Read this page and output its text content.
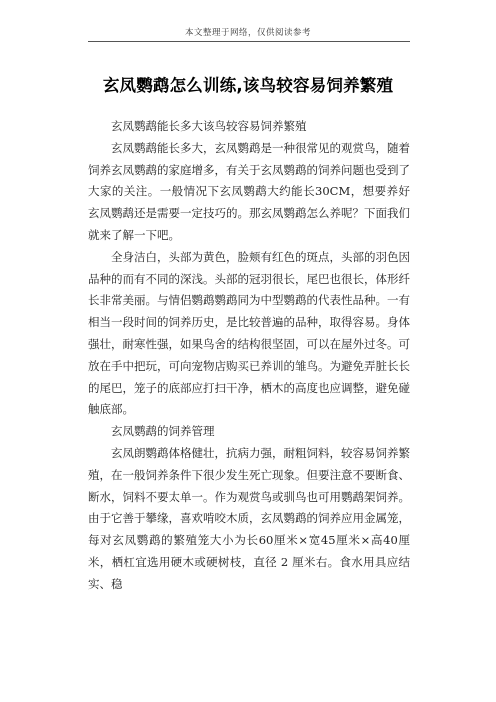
本文整理于网络，仅供阅读参考
玄凤鹦鹉怎么训练,该鸟较容易饲养繁殖

玄凤鹦鹉能长多大该鸟较容易饲养繁殖

玄凤鹦鹉能长多大，玄凤鹦鹉是一种很常见的观赏鸟，随着饲养玄凤鹦鹉的家庭增多，有关于玄凤鹦鹉的饲养问题也受到了大家的关注。一般情况下玄凤鹦鹉大约能长30CM，想要养好玄凤鹦鹉还是需要一定技巧的。那玄凤鹦鹉怎么养呢？下面我们就来了解一下吧。

全身洁白，头部为黄色，脸颊有红色的斑点，头部的羽色因品种的而有不同的深浅。头部的冠羽很长，尾巴也很长，体形纤长非常美丽。与情侣鹦鹉鹦鹉同为中型鹦鹉的代表性品种。一有相当一段时间的饲养历史，是比较普遍的品种，取得容易。身体强壮，耐寒性强，如果鸟舍的结构很坚固，可以在屋外过冬。可放在手中把玩，可向宠物店购买已养训的雏鸟。为避免弄脏长长的尾巴，笼子的底部应打扫干净，栖木的高度也应调整，避免碰触底部。

玄凤鹦鹉的饲养管理

玄凤朗鹦鹉体格健壮，抗病力强，耐粗饲料，较容易饲养繁殖，在一般饲养条件下很少发生死亡现象。但要注意不要断食、断水，饲料不要太单一。作为观赏鸟或驯鸟也可用鹦鹉架饲养。由于它善于攀缘，喜欢啃咬木质，玄凤鹦鹉的饲养应用金属笼，每对玄凤鹦鹉的繁殖笼大小为长60厘米×宽45厘米×高40厘米，栖杠宜选用硬木或硬树枝，直径 2 厘米右。食水用具应结实、稳
